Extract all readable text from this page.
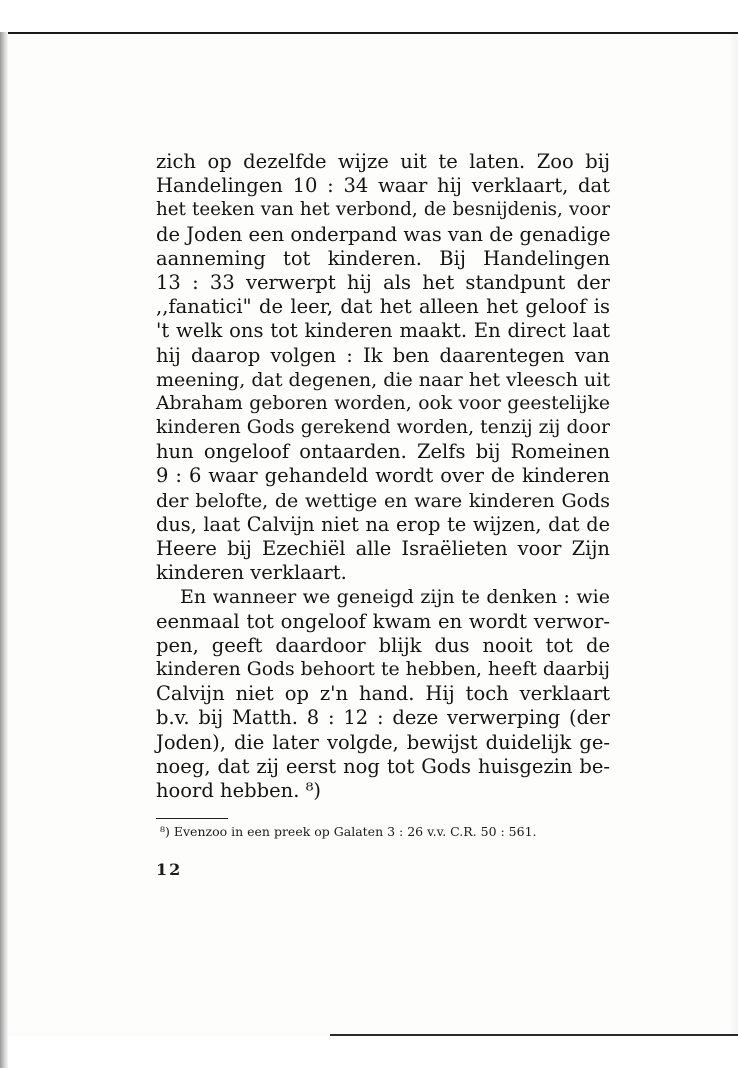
zich op dezelfde wijze uit te laten. Zoo bij
Handelingen 10 : 34 waar hij verklaart, dat
het teeken van het verbond, de besnijdenis, voor
de Joden een onderpand was van de genadige
aanneming tot kinderen. Bij Handelingen
13 : 33 verwerpt hij als het standpunt der
,,fanatici" de leer, dat het alleen het geloof is
't welk ons tot kinderen maakt. En direct laat
hij daarop volgen : Ik ben daarentegen van
meening, dat degenen, die naar het vleesch uit
Abraham geboren worden, ook voor geestelijke
kinderen Gods gerekend worden, tenzij zij door
hun ongeloof ontaarden. Zelfs bij Romeinen
9 : 6 waar gehandeld wordt over de kinderen
der belofte, de wettige en ware kinderen Gods
dus, laat Calvijn niet na erop te wijzen, dat de
Heere bij Ezechiël alle Israëlieten voor Zijn
kinderen verklaart.
En wanneer we geneigd zijn te denken : wie
eenmaal tot ongeloof kwam en wordt verwor-
pen, geeft daardoor blijk dus nooit tot de
kinderen Gods behoort te hebben, heeft daarbij
Calvijn niet op z'n hand. Hij toch verklaart
b.v. bij Matth. 8 : 12 : deze verwerping (der
Joden), die later volgde, bewijst duidelijk ge-
noeg, dat zij eerst nog tot Gods huisgezin be-
hoord hebben. ⁸)
⁸) Evenzoo in een preek op Galaten 3 : 26 v.v. C.R. 50 : 561.
12
